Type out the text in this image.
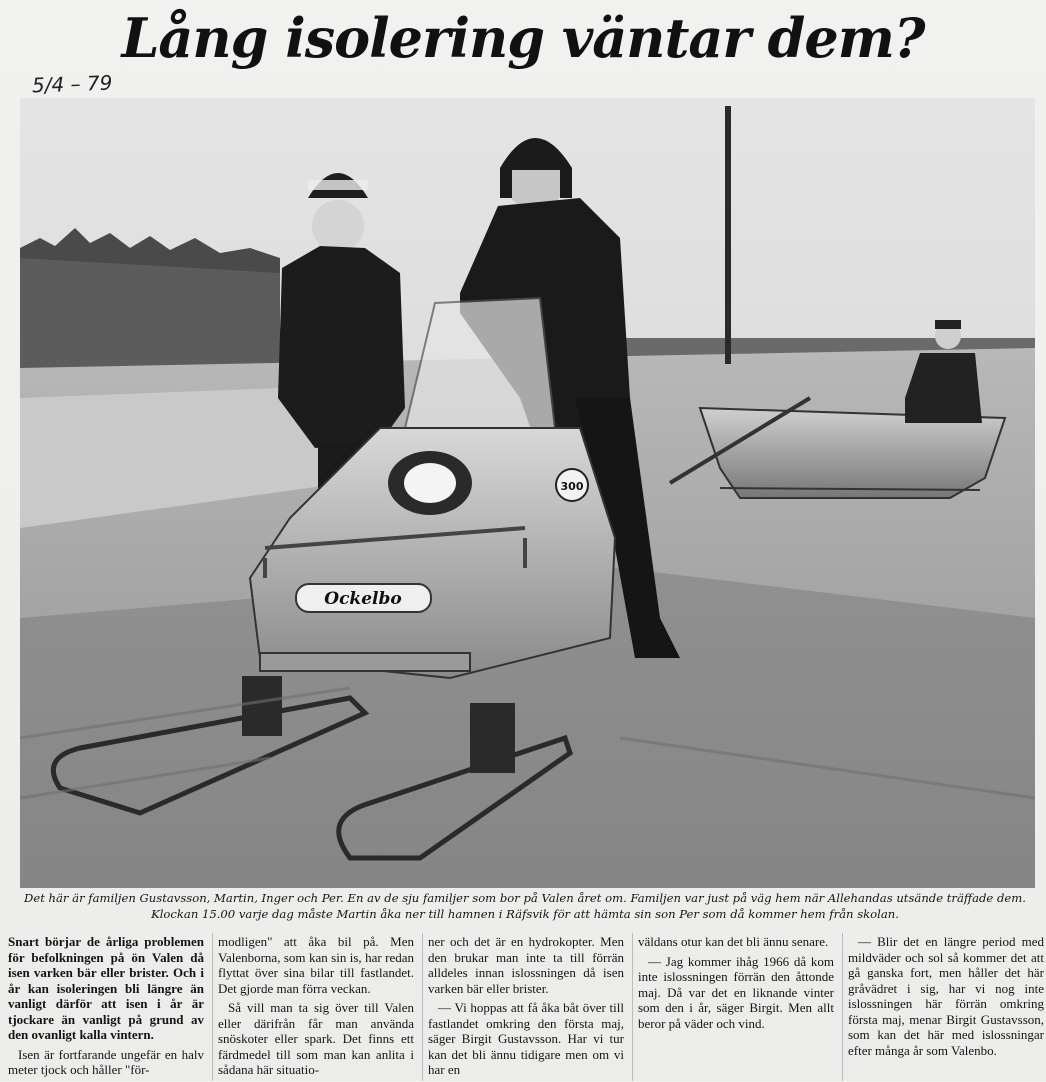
Lång isolering väntar dem?
5/4 – 79
300
Ockelbo
Det här är familjen Gustavsson, Martin, Inger och Per. En av de sju familjer som bor på Valen året om. Familjen var just på väg hem när Allehandas utsände träffade dem. Klockan 15.00 varje dag måste Martin åka ner till hamnen i Räfsvik för att hämta sin son Per som då kommer hem från skolan.

Snart börjar de årliga problemen för befolkningen på ön Valen då isen varken bär eller brister. Och i år kan isoleringen bli längre än vanligt därför att isen i år är tjockare än vanligt på grund av den ovanligt kalla vintern.

Isen är fortfarande ungefär en halv meter tjock och håller "för-

modligen" att åka bil på. Men Valenborna, som kan sin is, har redan flyttat över sina bilar till fastlandet. Det gjorde man förra veckan.

Så vill man ta sig över till Valen eller därifrån får man använda snöskoter eller spark. Det finns ett färdmedel till som man kan anlita i sådana här situatio-

ner och det är en hydrokopter. Men den brukar man inte ta till förrän alldeles innan islossningen då isen varken bär eller brister.

— Vi hoppas att få åka båt över till fastlandet omkring den första maj, säger Birgit Gustavsson. Har vi tur kan det bli ännu tidigare men om vi har en

väldans otur kan det bli ännu senare.

— Jag kommer ihåg 1966 då kom inte islossningen förrän den åttonde maj. Då var det en liknande vinter som den i år, säger Birgit. Men allt beror på väder och vind.

— Blir det en längre period med mildväder och sol så kommer det att gå ganska fort, men håller det här gråvädret i sig, har vi nog inte islossningen här förrän omkring första maj, menar Birgit Gustavsson, som kan det här med islossningar efter många år som Valenbo.
